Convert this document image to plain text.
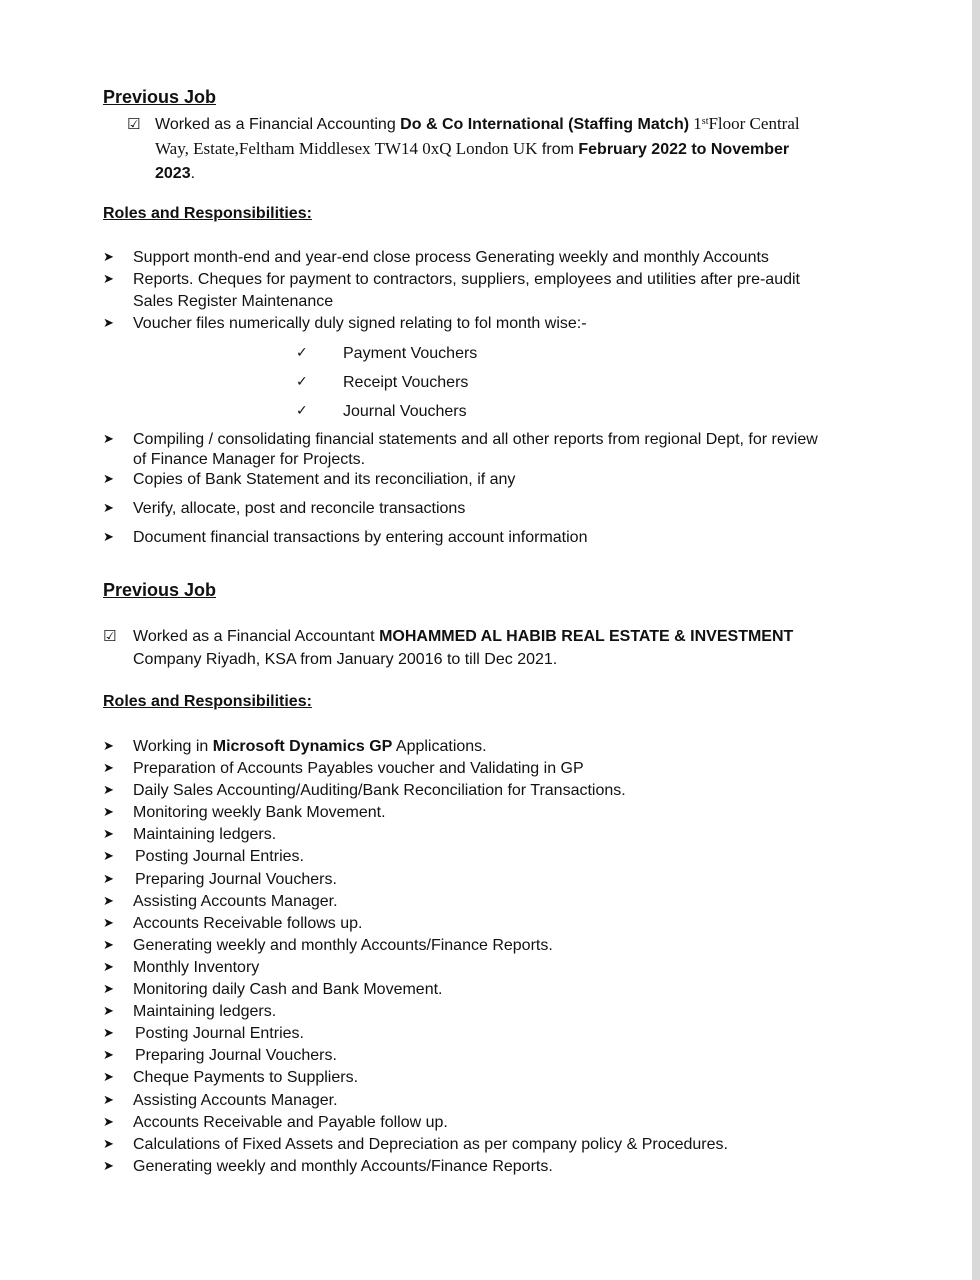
Previous Job
☑ Worked as a Financial Accounting Do & Co International (Staffing Match) 1stFloor Central
Way, Estate,Feltham Middlesex TW14 0xQ London UK from February 2022 to November
2023.
Roles and Responsibilities:
➤ Support month-end and year-end close process Generating weekly and monthly Accounts
➤ Reports. Cheques for payment to contractors, suppliers, employees and utilities after pre-audit
Sales Register Maintenance
➤ Voucher files numerically duly signed relating to fol month wise:-
✓ Payment Vouchers
✓ Receipt Vouchers
✓ Journal Vouchers
➤ Compiling / consolidating financial statements and all other reports from regional Dept, for review
of Finance Manager for Projects.
➤ Copies of Bank Statement and its reconciliation, if any
➤ Verify, allocate, post and reconcile transactions
➤ Document financial transactions by entering account information
Previous Job
☑ Worked as a Financial Accountant MOHAMMED AL HABIB REAL ESTATE & INVESTMENT
Company Riyadh, KSA from January 20016 to till Dec 2021.
Roles and Responsibilities:
➤ Working in Microsoft Dynamics GP Applications.
➤ Preparation of Accounts Payables voucher and Validating in GP
➤ Daily Sales Accounting/Auditing/Bank Reconciliation for Transactions.
➤ Monitoring weekly Bank Movement.
➤ Maintaining ledgers.
➤ Posting Journal Entries.
➤ Preparing Journal Vouchers.
➤ Assisting Accounts Manager.
➤ Accounts Receivable follows up.
➤ Generating weekly and monthly Accounts/Finance Reports.
➤ Monthly Inventory
➤ Monitoring daily Cash and Bank Movement.
➤ Maintaining ledgers.
➤ Posting Journal Entries.
➤ Preparing Journal Vouchers.
➤ Cheque Payments to Suppliers.
➤ Assisting Accounts Manager.
➤ Accounts Receivable and Payable follow up.
➤ Calculations of Fixed Assets and Depreciation as per company policy & Procedures.
➤ Generating weekly and monthly Accounts/Finance Reports.
